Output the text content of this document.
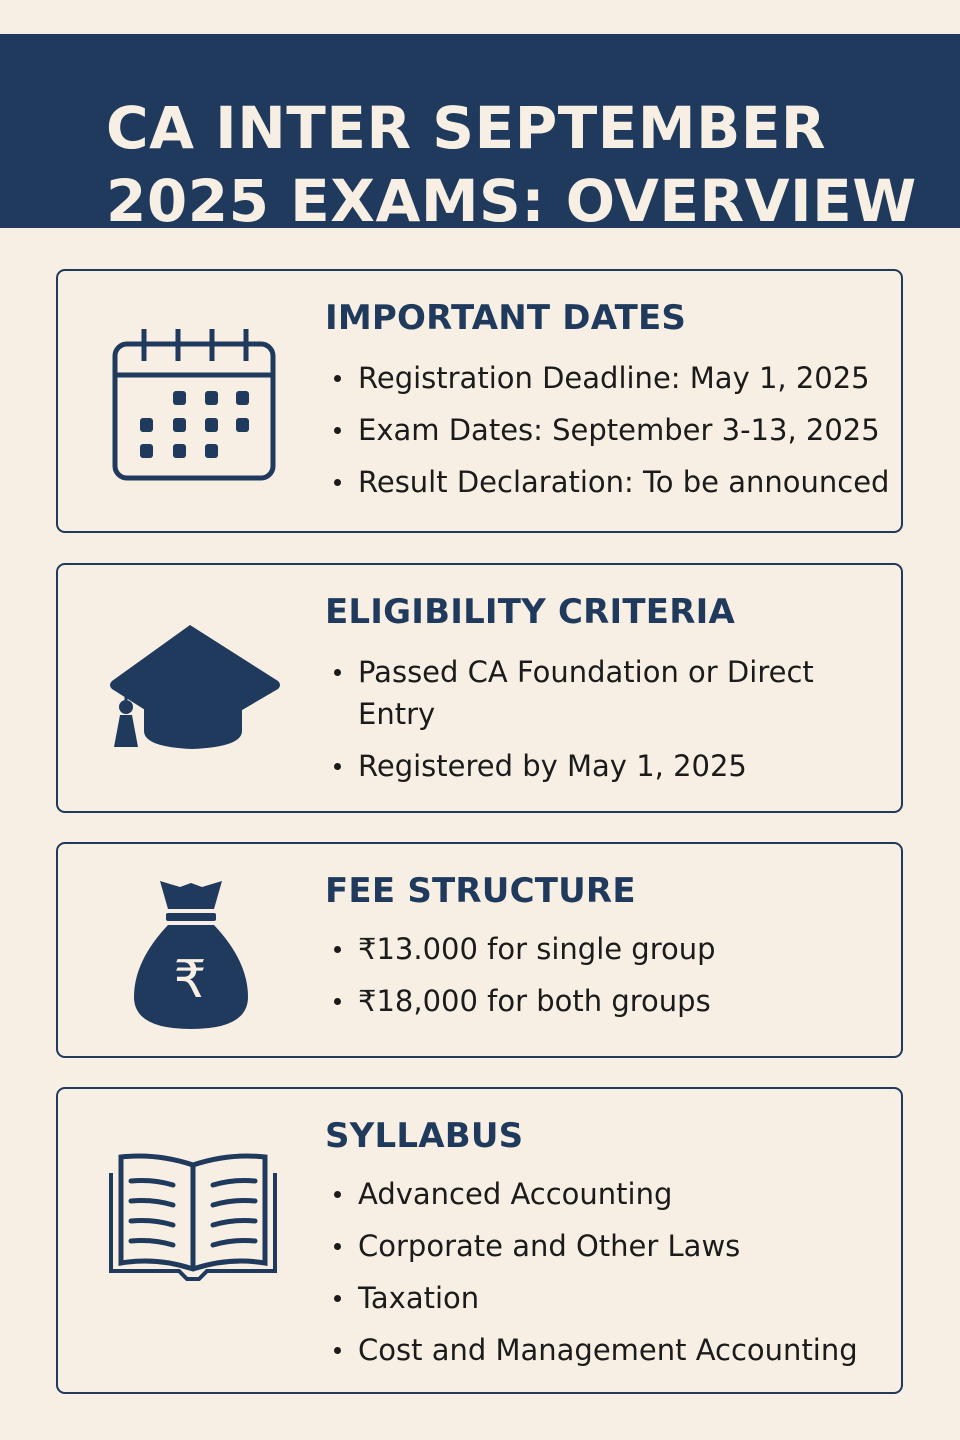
CA INTER SEPTEMBER 2025 EXAMS: OVERVIEW
IMPORTANT DATES
Registration Deadline: May 1, 2025
Exam Dates: September 3-13, 2025
Result Declaration: To be announced
ELIGIBILITY CRITERIA
Passed CA Foundation or Direct Entry
Registered by May 1, 2025
₹
FEE STRUCTURE
₹13.000 for single group
₹18,000 for both groups
SYLLABUS
Advanced Accounting
Corporate and Other Laws
Taxation
Cost and Management Accounting
